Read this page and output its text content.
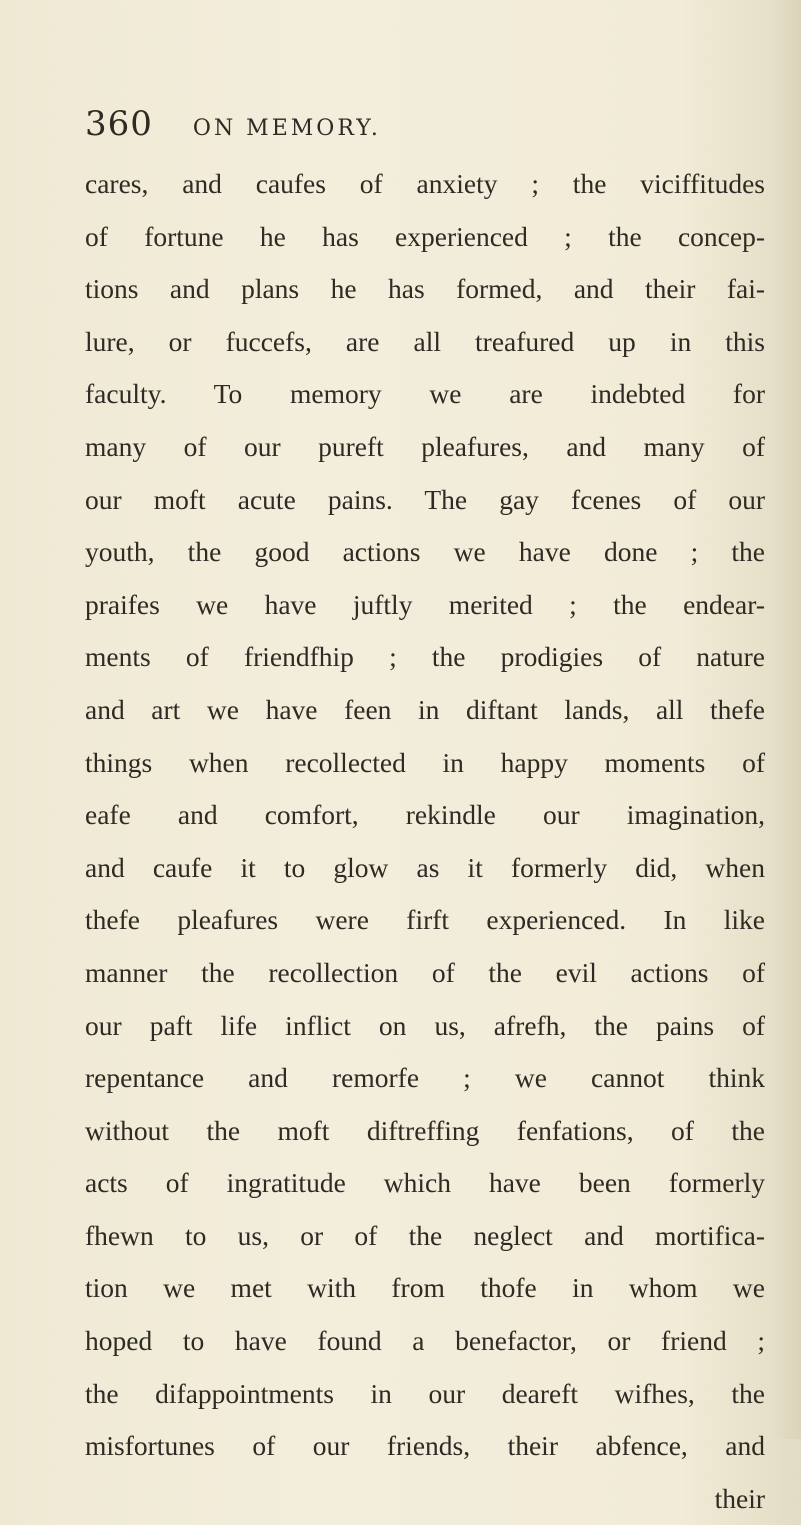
360 ON MEMORY.
cares, and caufes of anxiety ; the viciffitudes
of fortune he has experienced ; the concep-
tions and plans he has formed, and their fai-
lure, or fuccefs, are all treafured up in this
faculty. To memory we are indebted for
many of our pureft pleafures, and many of
our moft acute pains. The gay fcenes of our
youth, the good actions we have done ; the
praifes we have juftly merited ; the endear-
ments of friendfhip ; the prodigies of nature
and art we have feen in diftant lands, all thefe
things when recollected in happy moments of
eafe and comfort, rekindle our imagination,
and caufe it to glow as it formerly did, when
thefe pleafures were firft experienced. In like
manner the recollection of the evil actions of
our paft life inflict on us, afrefh, the pains of
repentance and remorfe ; we cannot think
without the moft diftreffing fenfations, of the
acts of ingratitude which have been formerly
fhewn to us, or of the neglect and mortifica-
tion we met with from thofe in whom we
hoped to have found a benefactor, or friend ;
the difappointments in our deareft wifhes, the
misfortunes of our friends, their abfence, and
their
